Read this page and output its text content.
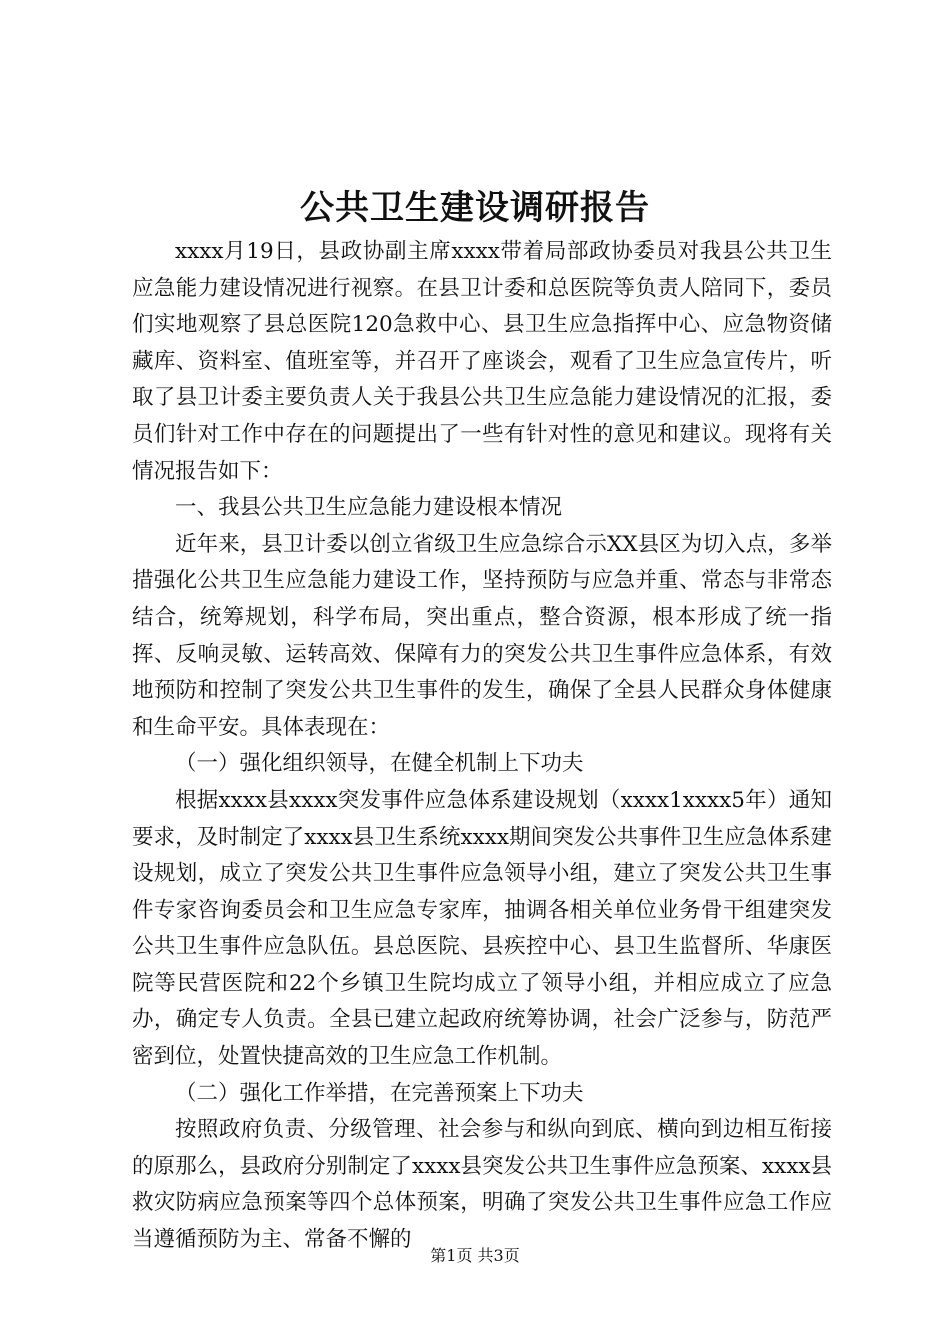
公共卫生建设调研报告

xxxx月19日，县政协副主席xxxx带着局部政协委员对我县公共卫生应急能力建设情况进行视察。在县卫计委和总医院等负责人陪同下，委员们实地观察了县总医院120急救中心、县卫生应急指挥中心、应急物资储藏库、资料室、值班室等，并召开了座谈会，观看了卫生应急宣传片，听取了县卫计委主要负责人关于我县公共卫生应急能力建设情况的汇报，委员们针对工作中存在的问题提出了一些有针对性的意见和建议。现将有关情况报告如下：

一、我县公共卫生应急能力建设根本情况

近年来，县卫计委以创立省级卫生应急综合示XX县区为切入点，多举措强化公共卫生应急能力建设工作，坚持预防与应急并重、常态与非常态结合，统筹规划，科学布局，突出重点，整合资源，根本形成了统一指挥、反响灵敏、运转高效、保障有力的突发公共卫生事件应急体系，有效地预防和控制了突发公共卫生事件的发生，确保了全县人民群众身体健康和生命平安。具体表现在：

（一）强化组织领导，在健全机制上下功夫

根据xxxx县xxxx突发事件应急体系建设规划（xxxx1xxxx5年）通知要求，及时制定了xxxx县卫生系统xxxx期间突发公共事件卫生应急体系建设规划，成立了突发公共卫生事件应急领导小组，建立了突发公共卫生事件专家咨询委员会和卫生应急专家库，抽调各相关单位业务骨干组建突发公共卫生事件应急队伍。县总医院、县疾控中心、县卫生监督所、华康医院等民营医院和22个乡镇卫生院均成立了领导小组，并相应成立了应急办，确定专人负责。全县已建立起政府统筹协调，社会广泛参与，防范严密到位，处置快捷高效的卫生应急工作机制。

（二）强化工作举措，在完善预案上下功夫

按照政府负责、分级管理、社会参与和纵向到底、横向到边相互衔接的原那么，县政府分别制定了xxxx县突发公共卫生事件应急预案、xxxx县救灾防病应急预案等四个总体预案，明确了突发公共卫生事件应急工作应当遵循预防为主、常备不懈的

第1页 共3页
